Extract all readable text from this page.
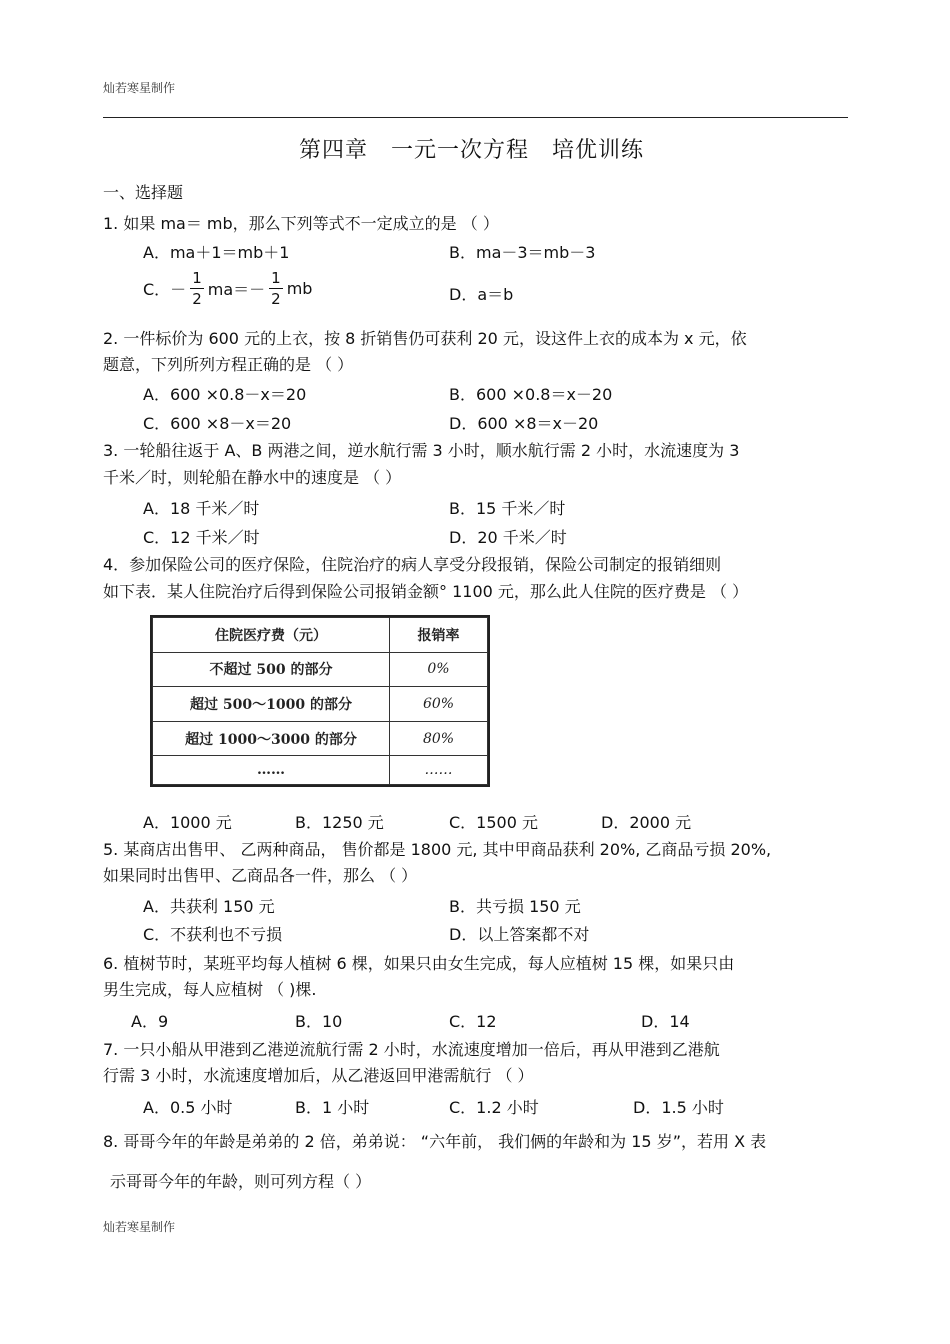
灿若寒星制作
第四章　一元一次方程　培优训练
一、选择题
1. 如果 ma＝ mb，那么下列等式不一定成立的是 （ ）
A．ma＋1＝mb＋1	B．ma－3＝mb－3
C．－ $\frac{1}{2} ma=- \frac{1}{2}$ mb	D．a＝b
2. 一件标价为 600 元的上衣，按 8 折销售仍可获利 20 元，设这件上衣的成本为 x 元，依
题意，下列所列方程正确的是 （ ）
A．600 ×0.8－x＝20	B．600 ×0.8＝x－20
C．600 ×8－x＝20	D．600 ×8＝x－20
3. 一轮船往返于 A、B 两港之间，逆水航行需 3 小时，顺水航行需 2 小时，水流速度为 3
千米／时，则轮船在静水中的速度是 （ ）
A．18 千米／时	B．15 千米／时
C．12 千米／时	D．20 千米／时
4．参加保险公司的医疗保险，住院治疗的病人享受分段报销，保险公司制定的报销细则
如下表．某人住院治疗后得到保险公司报销金额° 1100 元，那么此人住院的医疗费是 （ ）
住院医疗费（元）	报销率
不超过 500 的部分	0%
超过 500～1000 的部分	60%
超过 1000～3000 的部分	80%
……	……
A．1000 元	B．1250 元	C．1500 元	D．2000 元
5. 某商店出售甲、 乙两种商品， 售价都是 1800 元, 其中甲商品获利 20%, 乙商品亏损 20%,
如果同时出售甲、乙商品各一件，那么 （ ）
A．共获利 150 元	B．共亏损 150 元
C．不获利也不亏损	D．以上答案都不对
6. 植树节时，某班平均每人植树 6 棵，如果只由女生完成，每人应植树 15 棵，如果只由
男生完成，每人应植树 （ )棵.
A．9	B．10	C．12	D．14
7. 一只小船从甲港到乙港逆流航行需 2 小时，水流速度增加一倍后，再从甲港到乙港航
行需 3 小时，水流速度增加后，从乙港返回甲港需航行 （ ）
A．0.5 小时	B．1 小时	C．1.2 小时	D．1.5 小时
8. 哥哥今年的年龄是弟弟的 2 倍，弟弟说： “六年前， 我们俩的年龄和为 15 岁”，若用 X 表
示哥哥今年的年龄，则可列方程（ ）
灿若寒星制作
